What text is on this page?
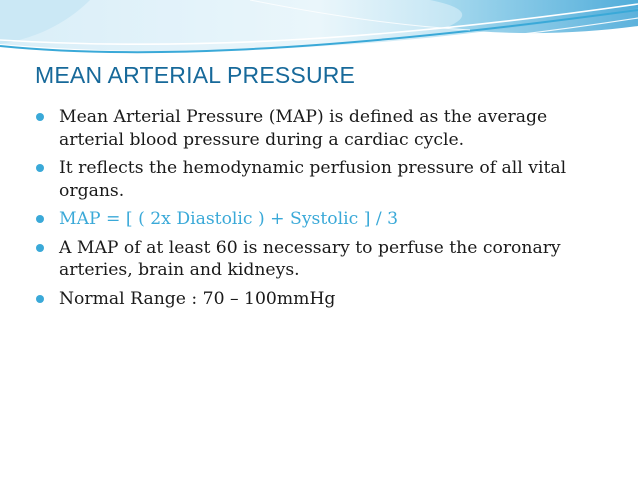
MEAN ARTERIAL PRESSURE
Mean Arterial Pressure (MAP) is defined as the average arterial blood pressure during a cardiac cycle.
It reflects the hemodynamic perfusion pressure of all vital organs.
MAP = [ ( 2x Diastolic ) + Systolic ] / 3
A MAP of at least 60 is necessary to perfuse the coronary arteries, brain and kidneys.
Normal Range : 70 – 100mmHg
